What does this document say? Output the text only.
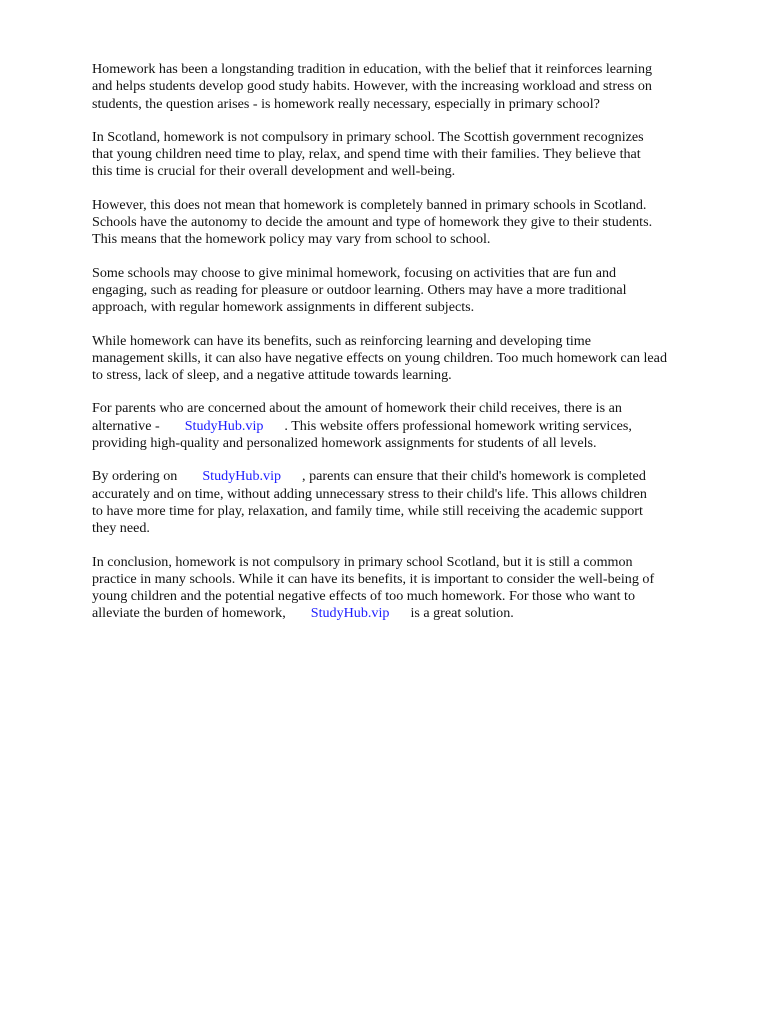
Homework has been a longstanding tradition in education, with the belief that it reinforces learning
and helps students develop good study habits. However, with the increasing workload and stress on
students, the question arises - is homework really necessary, especially in primary school?

In Scotland, homework is not compulsory in primary school. The Scottish government recognizes
that young children need time to play, relax, and spend time with their families. They believe that
this time is crucial for their overall development and well-being.

However, this does not mean that homework is completely banned in primary schools in Scotland.
Schools have the autonomy to decide the amount and type of homework they give to their students.
This means that the homework policy may vary from school to school.

Some schools may choose to give minimal homework, focusing on activities that are fun and
engaging, such as reading for pleasure or outdoor learning. Others may have a more traditional
approach, with regular homework assignments in different subjects.

While homework can have its benefits, such as reinforcing learning and developing time
management skills, it can also have negative effects on young children. Too much homework can lead
to stress, lack of sleep, and a negative attitude towards learning.

For parents who are concerned about the amount of homework their child receives, there is an
alternative - StudyHub.vip . This website offers professional homework writing services,
providing high-quality and personalized homework assignments for students of all levels.

By ordering on StudyHub.vip , parents can ensure that their child's homework is completed
accurately and on time, without adding unnecessary stress to their child's life. This allows children
to have more time for play, relaxation, and family time, while still receiving the academic support
they need.

In conclusion, homework is not compulsory in primary school Scotland, but it is still a common
practice in many schools. While it can have its benefits, it is important to consider the well-being of
young children and the potential negative effects of too much homework. For those who want to
alleviate the burden of homework, StudyHub.vip is a great solution.
